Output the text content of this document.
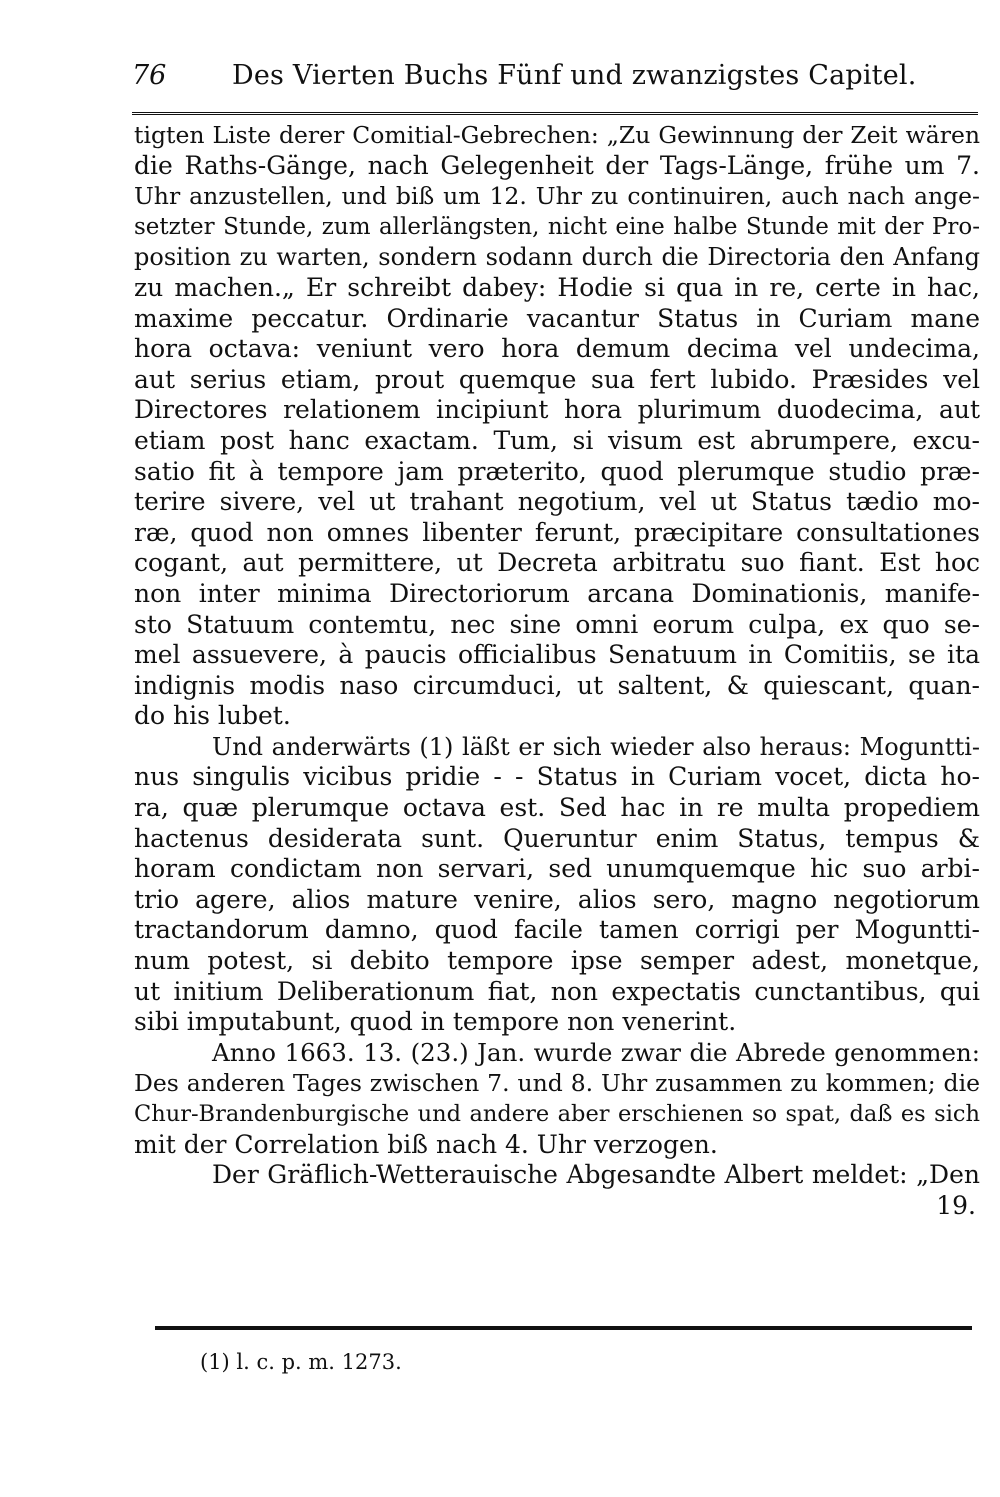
76 Des Vierten Buchs Fünf und zwanzigstes Capitel.
tigten Liste derer Comitial-Gebrechen: „Zu Gewinnung der Zeit wären
die Raths-Gänge, nach Gelegenheit der Tags-Länge, frühe um 7.
Uhr anzustellen, und biß um 12. Uhr zu continuiren, auch nach ange-
setzter Stunde, zum allerlängsten, nicht eine halbe Stunde mit der Pro-
position zu warten, sondern sodann durch die Directoria den Anfang
zu machen.„ Er schreibt dabey: Hodie si qua in re, certe in hac,
maxime peccatur. Ordinarie vacantur Status in Curiam mane
hora octava: veniunt vero hora demum decima vel undecima,
aut serius etiam, prout quemque sua fert lubido. Præsides vel
Directores relationem incipiunt hora plurimum duodecima, aut
etiam post hanc exactam. Tum, si visum est abrumpere, excu-
satio fit à tempore jam præterito, quod plerumque studio præ-
terire sivere, vel ut trahant negotium, vel ut Status tædio mo-
ræ, quod non omnes libenter ferunt, præcipitare consultationes
cogant, aut permittere, ut Decreta arbitratu suo fiant. Est hoc
non inter minima Directoriorum arcana Dominationis, manife-
sto Statuum contemtu, nec sine omni eorum culpa, ex quo se-
mel assuevere, à paucis officialibus Senatuum in Comitiis, se ita
indignis modis naso circumduci, ut saltent, & quiescant, quan-
do his lubet.
Und anderwärts (1) läßt er sich wieder also heraus: Moguntti-
nus singulis vicibus pridie - - Status in Curiam vocet, dicta ho-
ra, quæ plerumque octava est. Sed hac in re multa propediem
hactenus desiderata sunt. Queruntur enim Status, tempus &
horam condictam non servari, sed unumquemque hic suo arbi-
trio agere, alios mature venire, alios sero, magno negotiorum
tractandorum damno, quod facile tamen corrigi per Moguntti-
num potest, si debito tempore ipse semper adest, monetque,
ut initium Deliberationum fiat, non expectatis cunctantibus, qui
sibi imputabunt, quod in tempore non venerint.
Anno 1663. 13. (23.) Jan. wurde zwar die Abrede genommen:
Des anderen Tages zwischen 7. und 8. Uhr zusammen zu kommen; die
Chur-Brandenburgische und andere aber erschienen so spat, daß es sich
mit der Correlation biß nach 4. Uhr verzogen.
Der Gräflich-Wetterauische Abgesandte Albert meldet: „Den
19.
(1) l. c. p. m. 1273.
